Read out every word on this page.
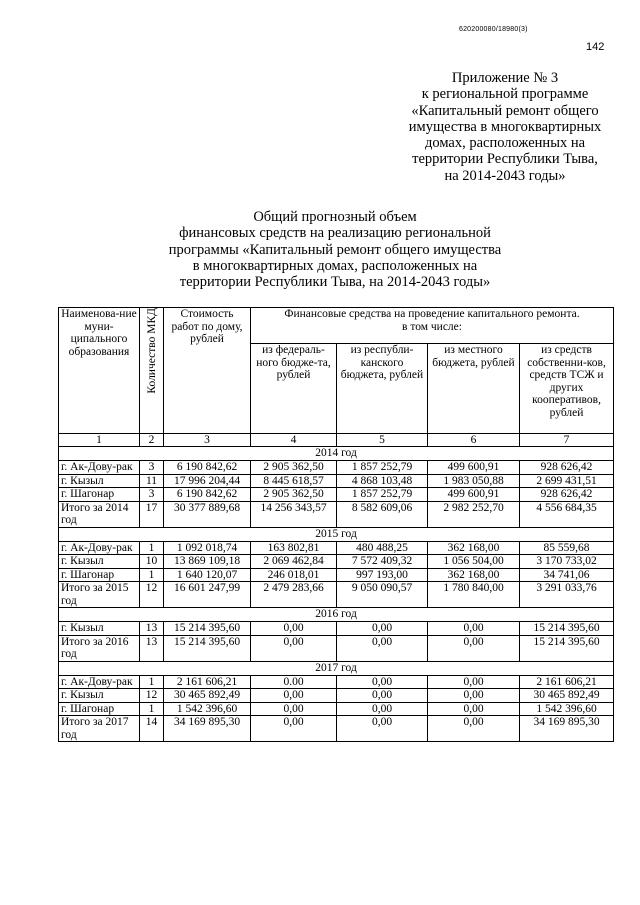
620200080/18980(3)
142
Приложение № 3
к региональной программе
«Капитальный ремонт общего
имущества в многоквартирных
домах, расположенных на
территории Республики Тыва,
на 2014-2043 годы»
Общий прогнозный объем
финансовых средств на реализацию региональной
программы «Капитальный ремонт общего имущества
в многоквартирных домах, расположенных на
территории Республики Тыва, на 2014-2043 годы»
Наименова-ние муни-ципального образования	Количество МКД	Стоимость работ по дому, рублей	Финансовые средства на проведение капитального ремонта.
в том числе:			

			из федераль-ного бюдже-та, рублей	из республи-канского бюджета, рублей	из местного бюджета, рублей	из средств собственни-ков, средств ТСЖ и других кооперативов, рублей
1	2	3	4	5	6	7
2014 год						
г. Ак-Дову-рак	3	6 190 842,62	2 905 362,50	1 857 252,79	499 600,91	928 626,42
г. Кызыл	11	17 996 204,44	8 445 618,57	4 868 103,48	1 983 050,88	2 699 431,51
г. Шагонар	3	6 190 842,62	2 905 362,50	1 857 252,79	499 600,91	928 626,42
Итого за 2014 год	17	30 377 889,68	14 256 343,57	8 582 609,06	2 982 252,70	4 556 684,35
2015 год						
г. Ак-Дову-рак	1	1 092 018,74	163 802,81	480 488,25	362 168,00	85 559,68
г. Кызыл	10	13 869 109,18	2 069 462,84	7 572 409,32	1 056 504,00	3 170 733,02
г. Шагонар	1	1 640 120,07	246 018,01	997 193,00	362 168,00	34 741,06
Итого за 2015 год	12	16 601 247,99	2 479 283,66	9 050 090,57	1 780 840,00	3 291 033,76
2016 год						
г. Кызыл	13	15 214 395,60	0,00	0,00	0,00	15 214 395,60
Итого за 2016 год	13	15 214 395,60	0,00	0,00	0,00	15 214 395,60
2017 год						
г. Ак-Дову-рак	1	2 161 606,21	0.00	0,00	0,00	2 161 606,21
г. Кызыл	12	30 465 892,49	0,00	0,00	0,00	30 465 892,49
г. Шагонар	1	1 542 396,60	0,00	0,00	0,00	1 542 396,60
Итого за 2017 год	14	34 169 895,30	0,00	0,00	0,00	34 169 895,30
